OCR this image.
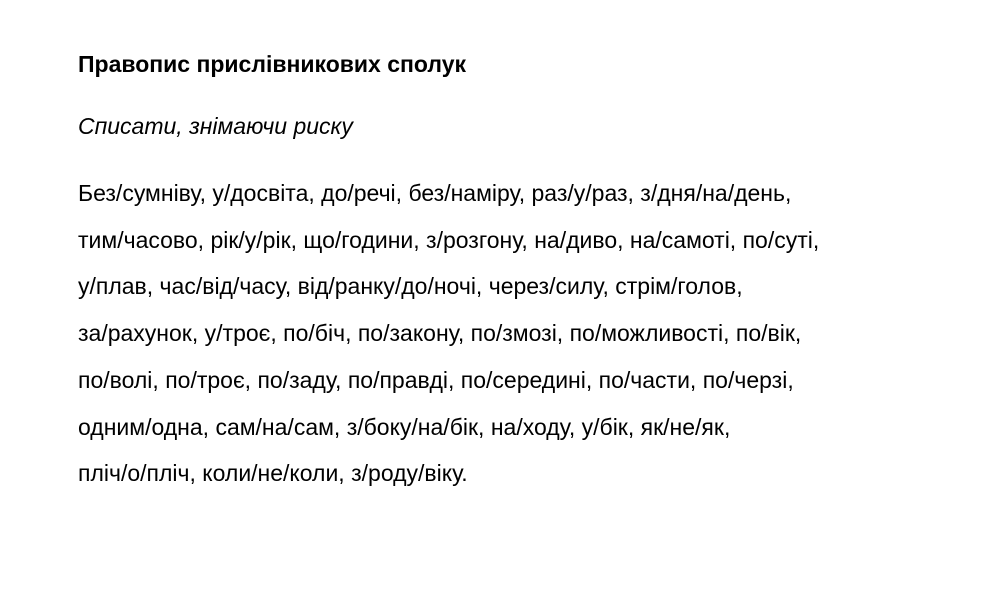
Правопис прислівникових сполук
Списати, знімаючи риску
Без/сумніву, у/досвіта, до/речі, без/наміру, раз/у/раз, з/дня/на/день,
тим/часово, рік/у/рік, що/години, з/розгону, на/диво, на/самоті, по/суті,
у/плав, час/від/часу, від/ранку/до/ночі, через/силу, стрім/голов,
за/рахунок, у/троє, по/біч, по/закону, по/змозі, по/можливості, по/вік,
по/волі, по/троє, по/заду, по/правді, по/середині, по/части, по/черзі,
одним/одна, сам/на/сам, з/боку/на/бік, на/ходу, у/бік, як/не/як,
пліч/о/пліч, коли/не/коли, з/роду/віку.
